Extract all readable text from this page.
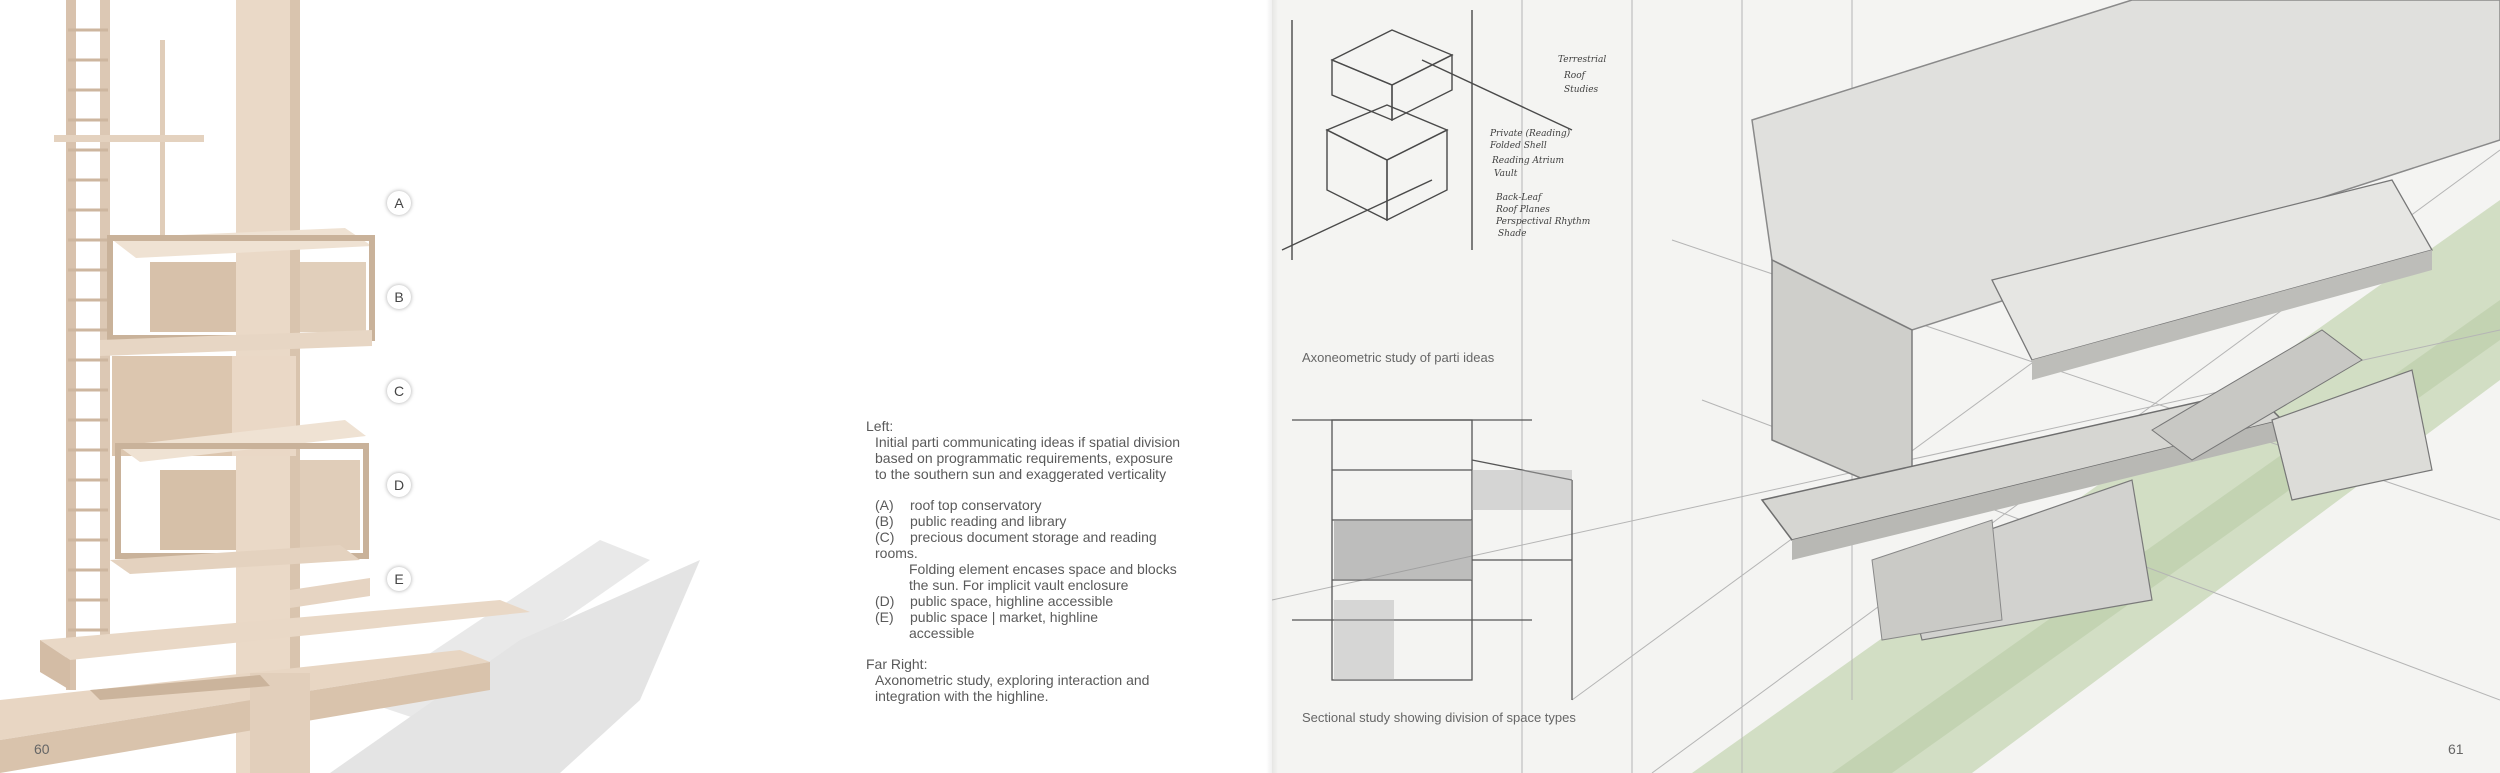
A
B
C
D
E
Left:
Initial parti communicating ideas if spatial division
based on programmatic requirements, exposure
to the southern sun and exaggerated verticality
(A)	roof top conservatory
(B)	public reading and library
(C)	precious document storage and reading
rooms.
Folding element encases space and blocks
the sun. For implicit vault enclosure
(D)	public space, highline accessible
(E)	public space | market, highline
accessible
Far Right:
Axonometric study, exploring interaction and
integration with the highline.
60
Terrestrial
Roof
Studies
Private (Reading)
Folded Shell
Reading Atrium
Vault
Back-Leaf
Roof Planes
Perspectival Rhythm
Shade
Axoneometric study of parti ideas
Sectional study showing division of space types
61
